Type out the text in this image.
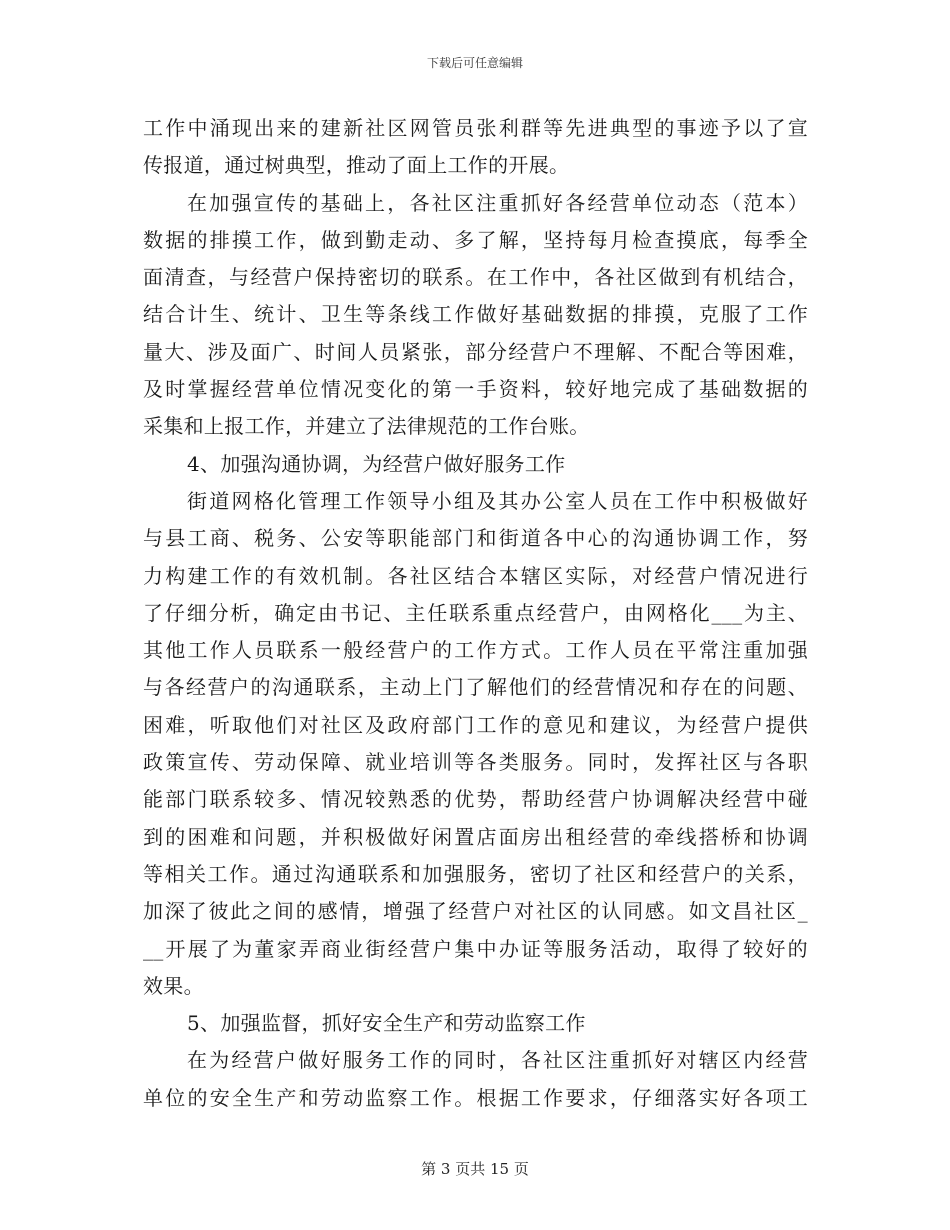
下载后可任意编辑
工作中涌现出来的建新社区网管员张利群等先进典型的事迹予以了宣
传报道，通过树典型，推动了面上工作的开展。
在加强宣传的基础上，各社区注重抓好各经营单位动态（范本）
数据的排摸工作，做到勤走动、多了解，坚持每月检查摸底，每季全
面清查，与经营户保持密切的联系。在工作中，各社区做到有机结合，
结合计生、统计、卫生等条线工作做好基础数据的排摸，克服了工作
量大、涉及面广、时间人员紧张，部分经营户不理解、不配合等困难，
及时掌握经营单位情况变化的第一手资料，较好地完成了基础数据的
采集和上报工作，并建立了法律规范的工作台账。
4、加强沟通协调，为经营户做好服务工作
街道网格化管理工作领导小组及其办公室人员在工作中积极做好
与县工商、税务、公安等职能部门和街道各中心的沟通协调工作，努
力构建工作的有效机制。各社区结合本辖区实际，对经营户情况进行
了仔细分析，确定由书记、主任联系重点经营户，由网格化___为主、
其他工作人员联系一般经营户的工作方式。工作人员在平常注重加强
与各经营户的沟通联系，主动上门了解他们的经营情况和存在的问题、
困难，听取他们对社区及政府部门工作的意见和建议，为经营户提供
政策宣传、劳动保障、就业培训等各类服务。同时，发挥社区与各职
能部门联系较多、情况较熟悉的优势，帮助经营户协调解决经营中碰
到的困难和问题，并积极做好闲置店面房出租经营的牵线搭桥和协调
等相关工作。通过沟通联系和加强服务，密切了社区和经营户的关系，
加深了彼此之间的感情，增强了经营户对社区的认同感。如文昌社区_
__开展了为董家弄商业街经营户集中办证等服务活动，取得了较好的
效果。
5、加强监督，抓好安全生产和劳动监察工作
在为经营户做好服务工作的同时，各社区注重抓好对辖区内经营
单位的安全生产和劳动监察工作。根据工作要求，仔细落实好各项工
第 3 页共 15 页
